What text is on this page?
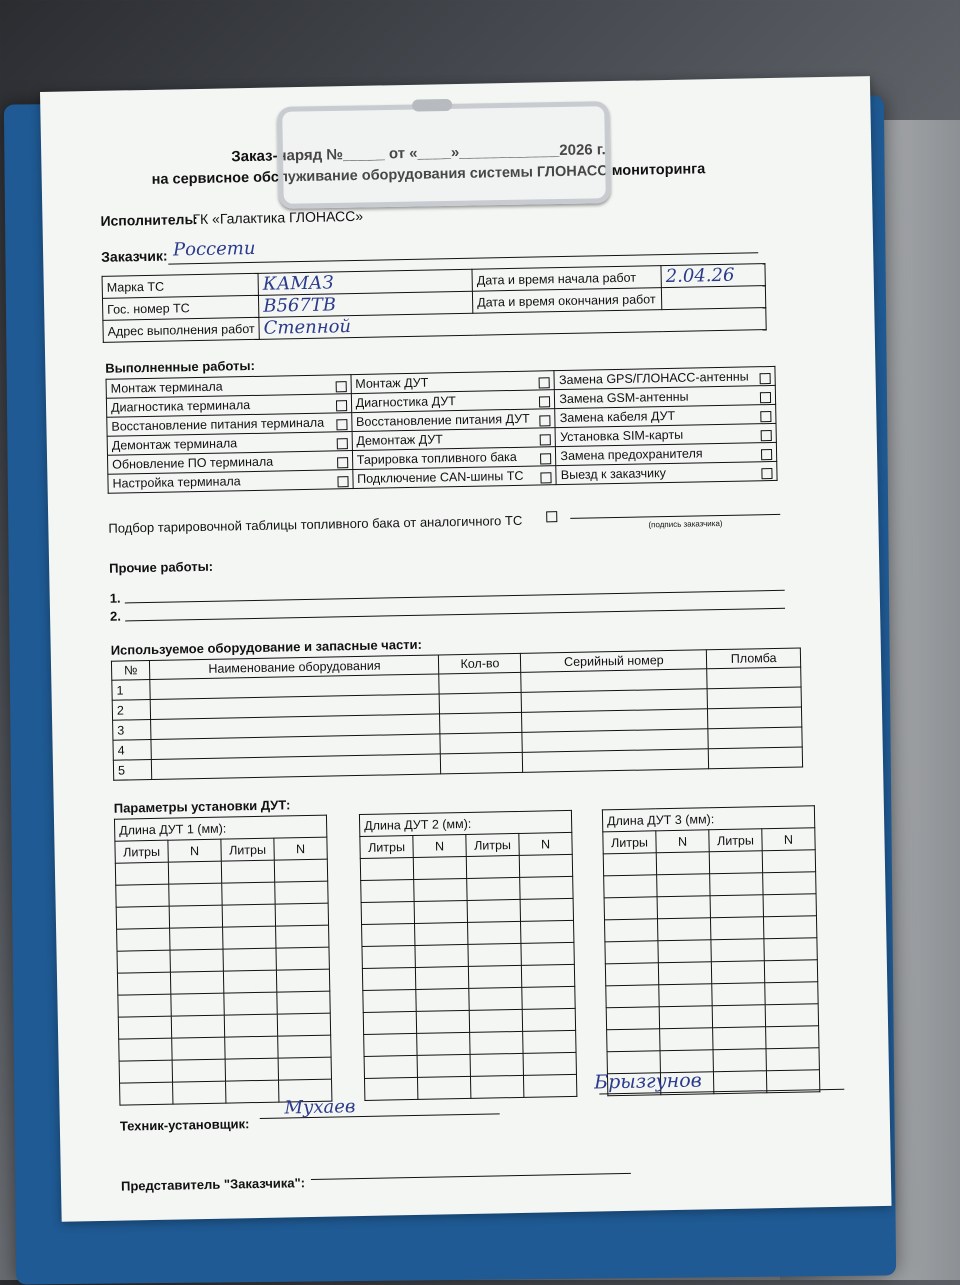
Заказ-наряд №_____ от «____»____________2026 г.
на сервисное обслуживание оборудования системы ГЛОНАСС мониторинга
Исполнитель:
ГК «Галактика ГЛОНАСС»
Заказчик: Россети
Марка ТС	КАМАЗ	Дата и время начала работ	2.04.26
Гос. номер ТС	В567ТВ	Дата и время окончания работ	
Адрес выполнения работ	Степной		
Выполненные работы:
Монтаж терминала	Монтаж ДУТ	Замена GPS/ГЛОНАСС-антенны

Диагностика терминала	Диагностика ДУТ	Замена GSM-антенны

Восстановление питания терминала	Восстановление питания ДУТ	Замена кабеля ДУТ

Демонтаж терминала	Демонтаж ДУТ	Установка SIM-карты

Обновление ПО терминала	Тарировка топливного бака	Замена предохранителя

Настройка терминала	Подключение CAN-шины ТС	Выезд к заказчику
Подбор тарировочной таблицы топливного бака от аналогичного ТС	(подпись заказчика)
Прочие работы:
1.
2.
Используемое оборудование и запасные части:
№	Наименование оборудования	Кол-во	Серийный номер	Пломба
1				
2				
3				
4				
5				
Параметры установки ДУТ:
Длина ДУТ 1 (мм):			
Литры	N	Литры	N

Длина ДУТ 2 (мм):			
Литры	N	Литры	N

Длина ДУТ 3 (мм):			
Литры	N	Литры	N

Техник-установщик:
Мухаев
Брызгунов
Представитель "Заказчика":
